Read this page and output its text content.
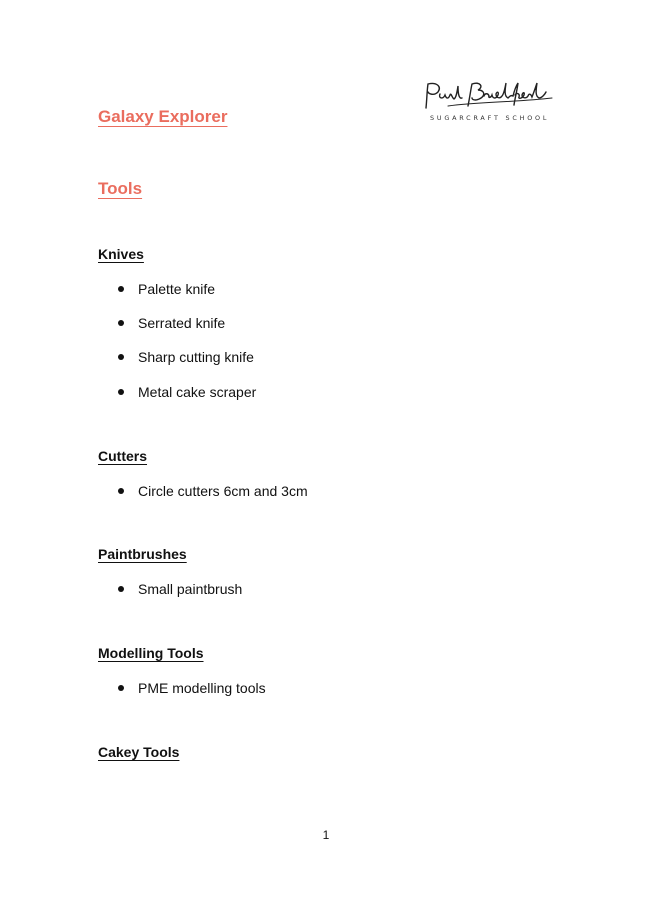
SUGARCRAFT SCHOOL
Galaxy Explorer
Tools
Knives
Palette knife
Serrated knife
Sharp cutting knife
Metal cake scraper
Cutters
Circle cutters 6cm and 3cm
Paintbrushes
Small paintbrush
Modelling Tools
PME modelling tools
Cakey Tools
1
